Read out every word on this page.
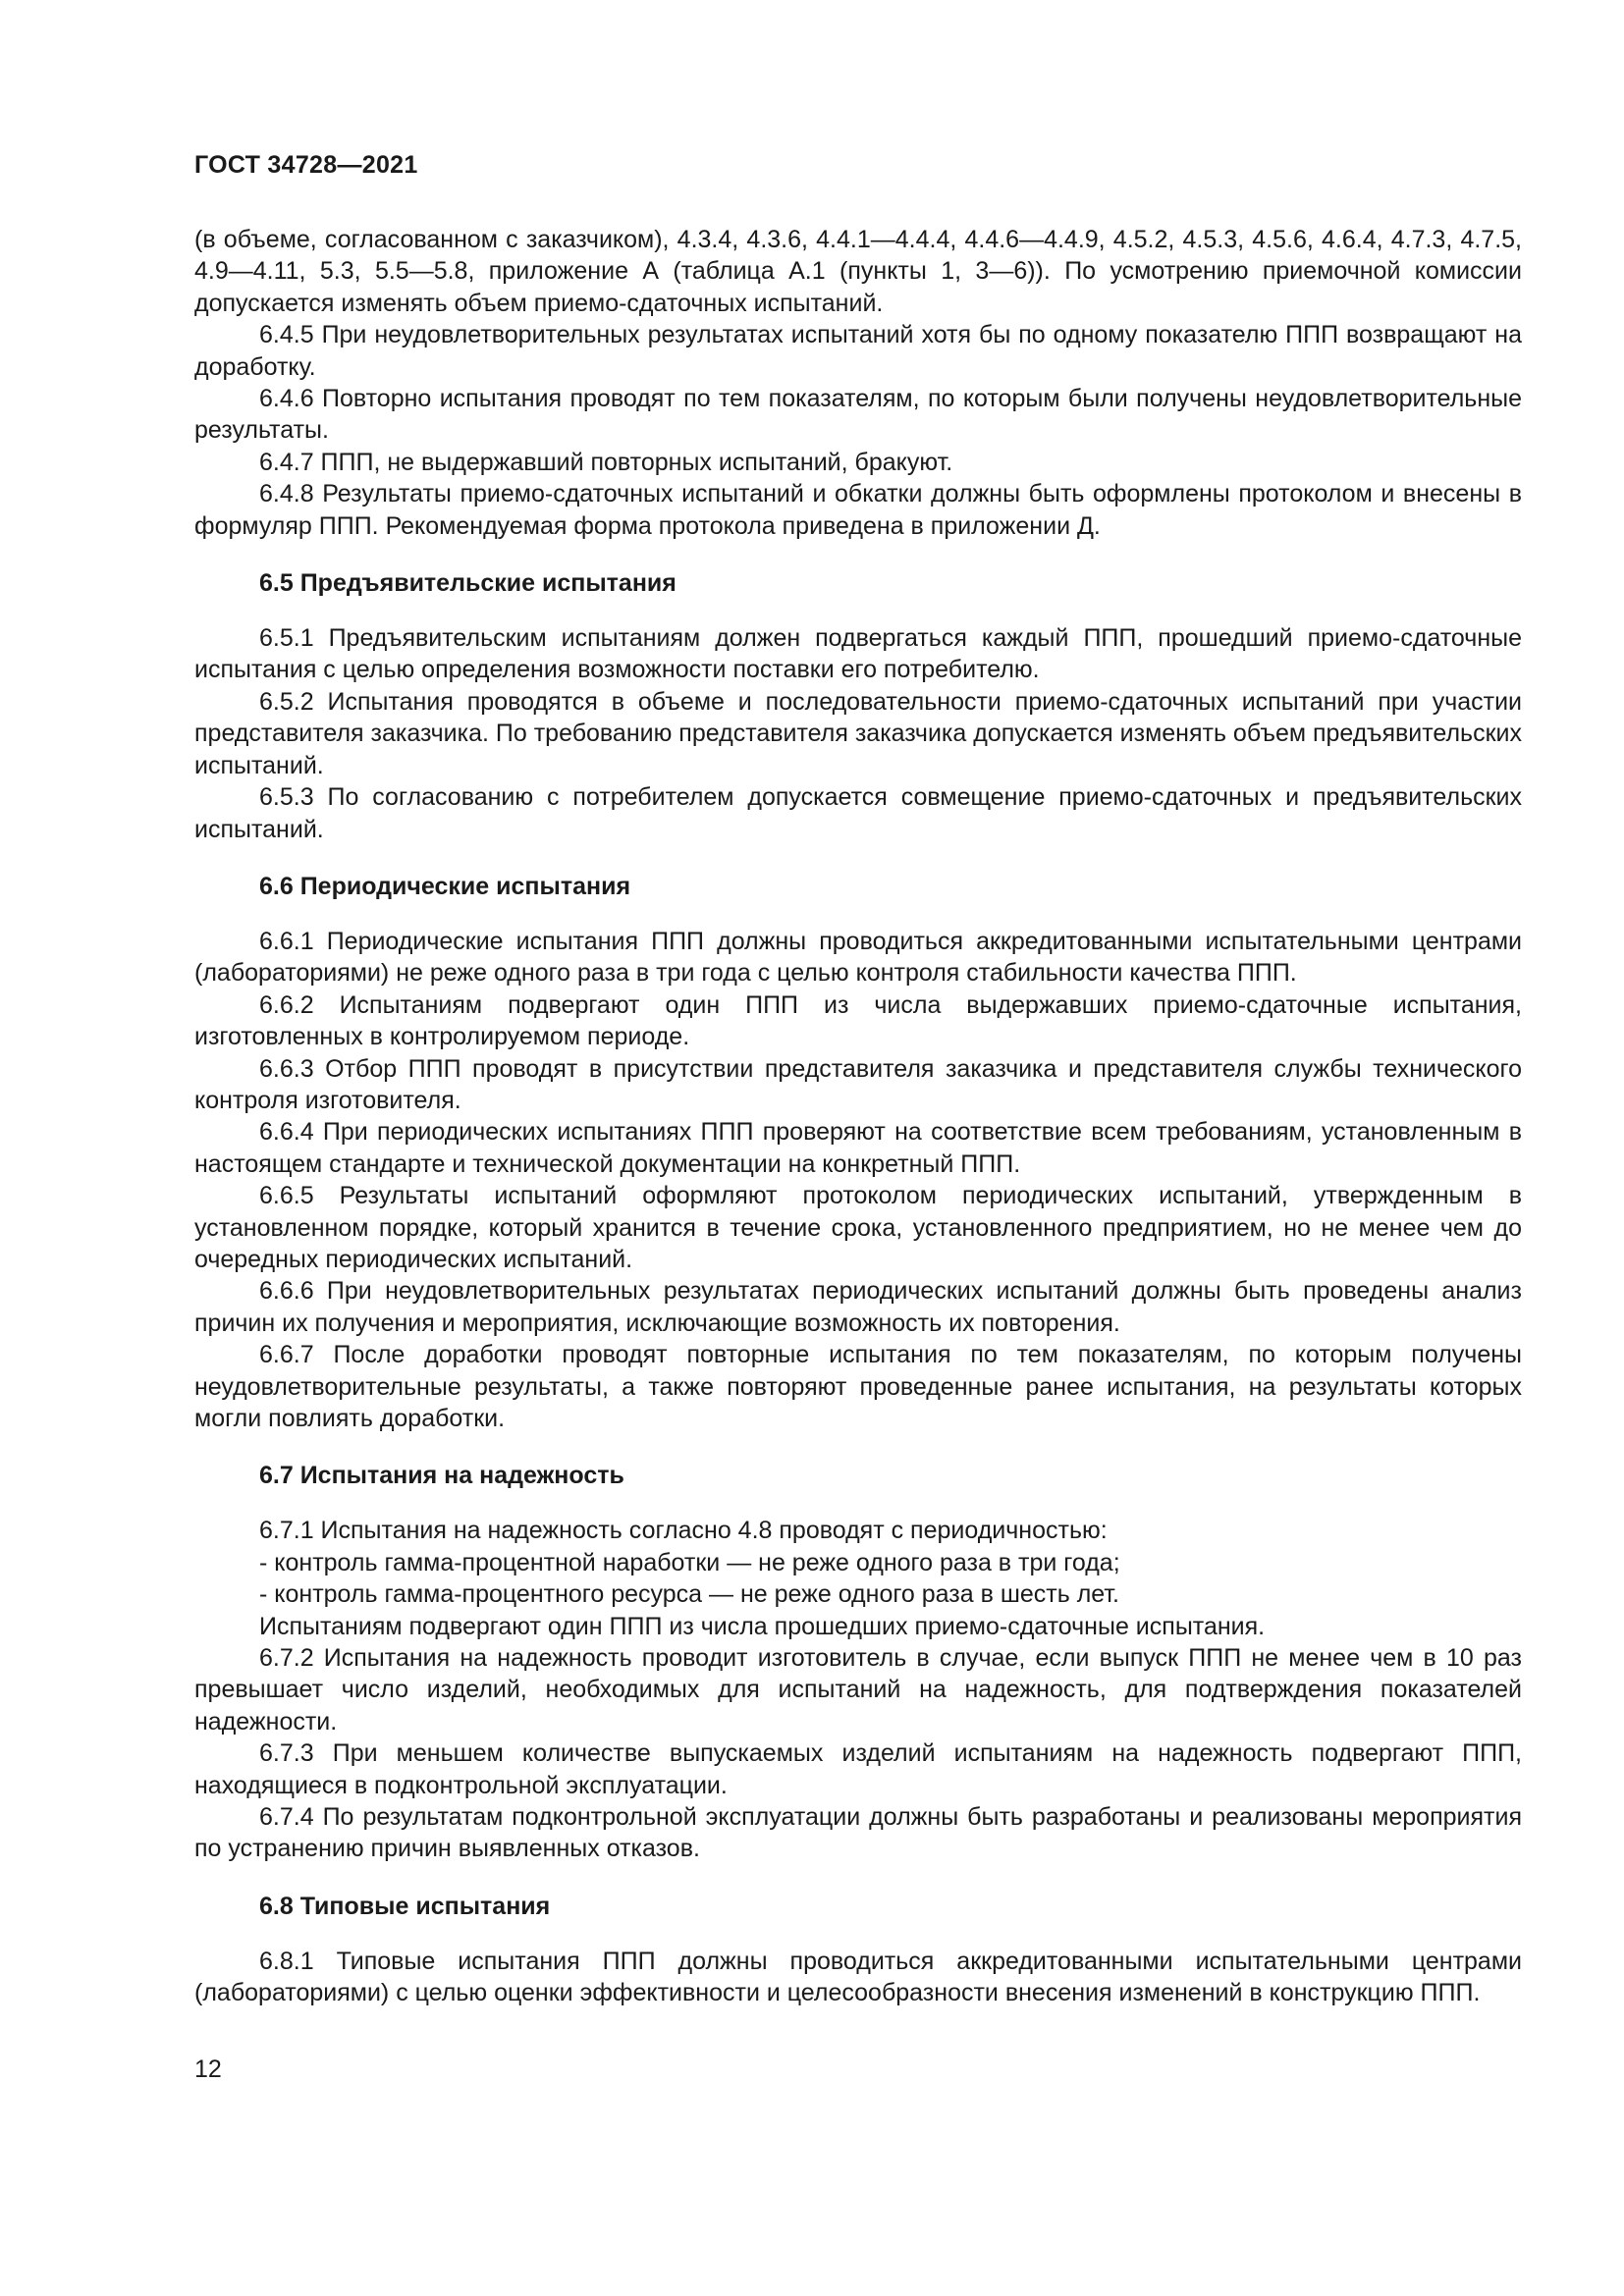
ГОСТ 34728—2021

(в объеме, согласованном с заказчиком), 4.3.4, 4.3.6, 4.4.1—4.4.4, 4.4.6—4.4.9, 4.5.2, 4.5.3, 4.5.6, 4.6.4, 4.7.3, 4.7.5, 4.9—4.11, 5.3, 5.5—5.8, приложение А (таблица А.1 (пункты 1, 3—6)). По усмотрению приемочной комиссии допускается изменять объем приемо-сдаточных испытаний.

6.4.5 При неудовлетворительных результатах испытаний хотя бы по одному показателю ППП возвращают на доработку.

6.4.6 Повторно испытания проводят по тем показателям, по которым были получены неудовлетворительные результаты.

6.4.7 ППП, не выдержавший повторных испытаний, бракуют.

6.4.8 Результаты приемо-сдаточных испытаний и обкатки должны быть оформлены протоколом и внесены в формуляр ППП. Рекомендуемая форма протокола приведена в приложении Д.

6.5 Предъявительские испытания

6.5.1 Предъявительским испытаниям должен подвергаться каждый ППП, прошедший приемо-сдаточные испытания с целью определения возможности поставки его потребителю.

6.5.2 Испытания проводятся в объеме и последовательности приемо-сдаточных испытаний при участии представителя заказчика. По требованию представителя заказчика допускается изменять объем предъявительских испытаний.

6.5.3 По согласованию с потребителем допускается совмещение приемо-сдаточных и предъявительских испытаний.

6.6 Периодические испытания

6.6.1 Периодические испытания ППП должны проводиться аккредитованными испытательными центрами (лабораториями) не реже одного раза в три года с целью контроля стабильности качества ППП.

6.6.2 Испытаниям подвергают один ППП из числа выдержавших приемо-сдаточные испытания, изготовленных в контролируемом периоде.

6.6.3 Отбор ППП проводят в присутствии представителя заказчика и представителя службы технического контроля изготовителя.

6.6.4 При периодических испытаниях ППП проверяют на соответствие всем требованиям, установленным в настоящем стандарте и технической документации на конкретный ППП.

6.6.5 Результаты испытаний оформляют протоколом периодических испытаний, утвержденным в установленном порядке, который хранится в течение срока, установленного предприятием, но не менее чем до очередных периодических испытаний.

6.6.6 При неудовлетворительных результатах периодических испытаний должны быть проведены анализ причин их получения и мероприятия, исключающие возможность их повторения.

6.6.7 После доработки проводят повторные испытания по тем показателям, по которым получены неудовлетворительные результаты, а также повторяют проведенные ранее испытания, на результаты которых могли повлиять доработки.

6.7 Испытания на надежность

6.7.1 Испытания на надежность согласно 4.8 проводят с периодичностью:

- контроль гамма-процентной наработки — не реже одного раза в три года;

- контроль гамма-процентного ресурса — не реже одного раза в шесть лет.

Испытаниям подвергают один ППП из числа прошедших приемо-сдаточные испытания.

6.7.2 Испытания на надежность проводит изготовитель в случае, если выпуск ППП не менее чем в 10 раз превышает число изделий, необходимых для испытаний на надежность, для подтверждения показателей надежности.

6.7.3 При меньшем количестве выпускаемых изделий испытаниям на надежность подвергают ППП, находящиеся в подконтрольной эксплуатации.

6.7.4 По результатам подконтрольной эксплуатации должны быть разработаны и реализованы мероприятия по устранению причин выявленных отказов.

6.8 Типовые испытания

6.8.1 Типовые испытания ППП должны проводиться аккредитованными испытательными центрами (лабораториями) с целью оценки эффективности и целесообразности внесения изменений в конструкцию ППП.

12
